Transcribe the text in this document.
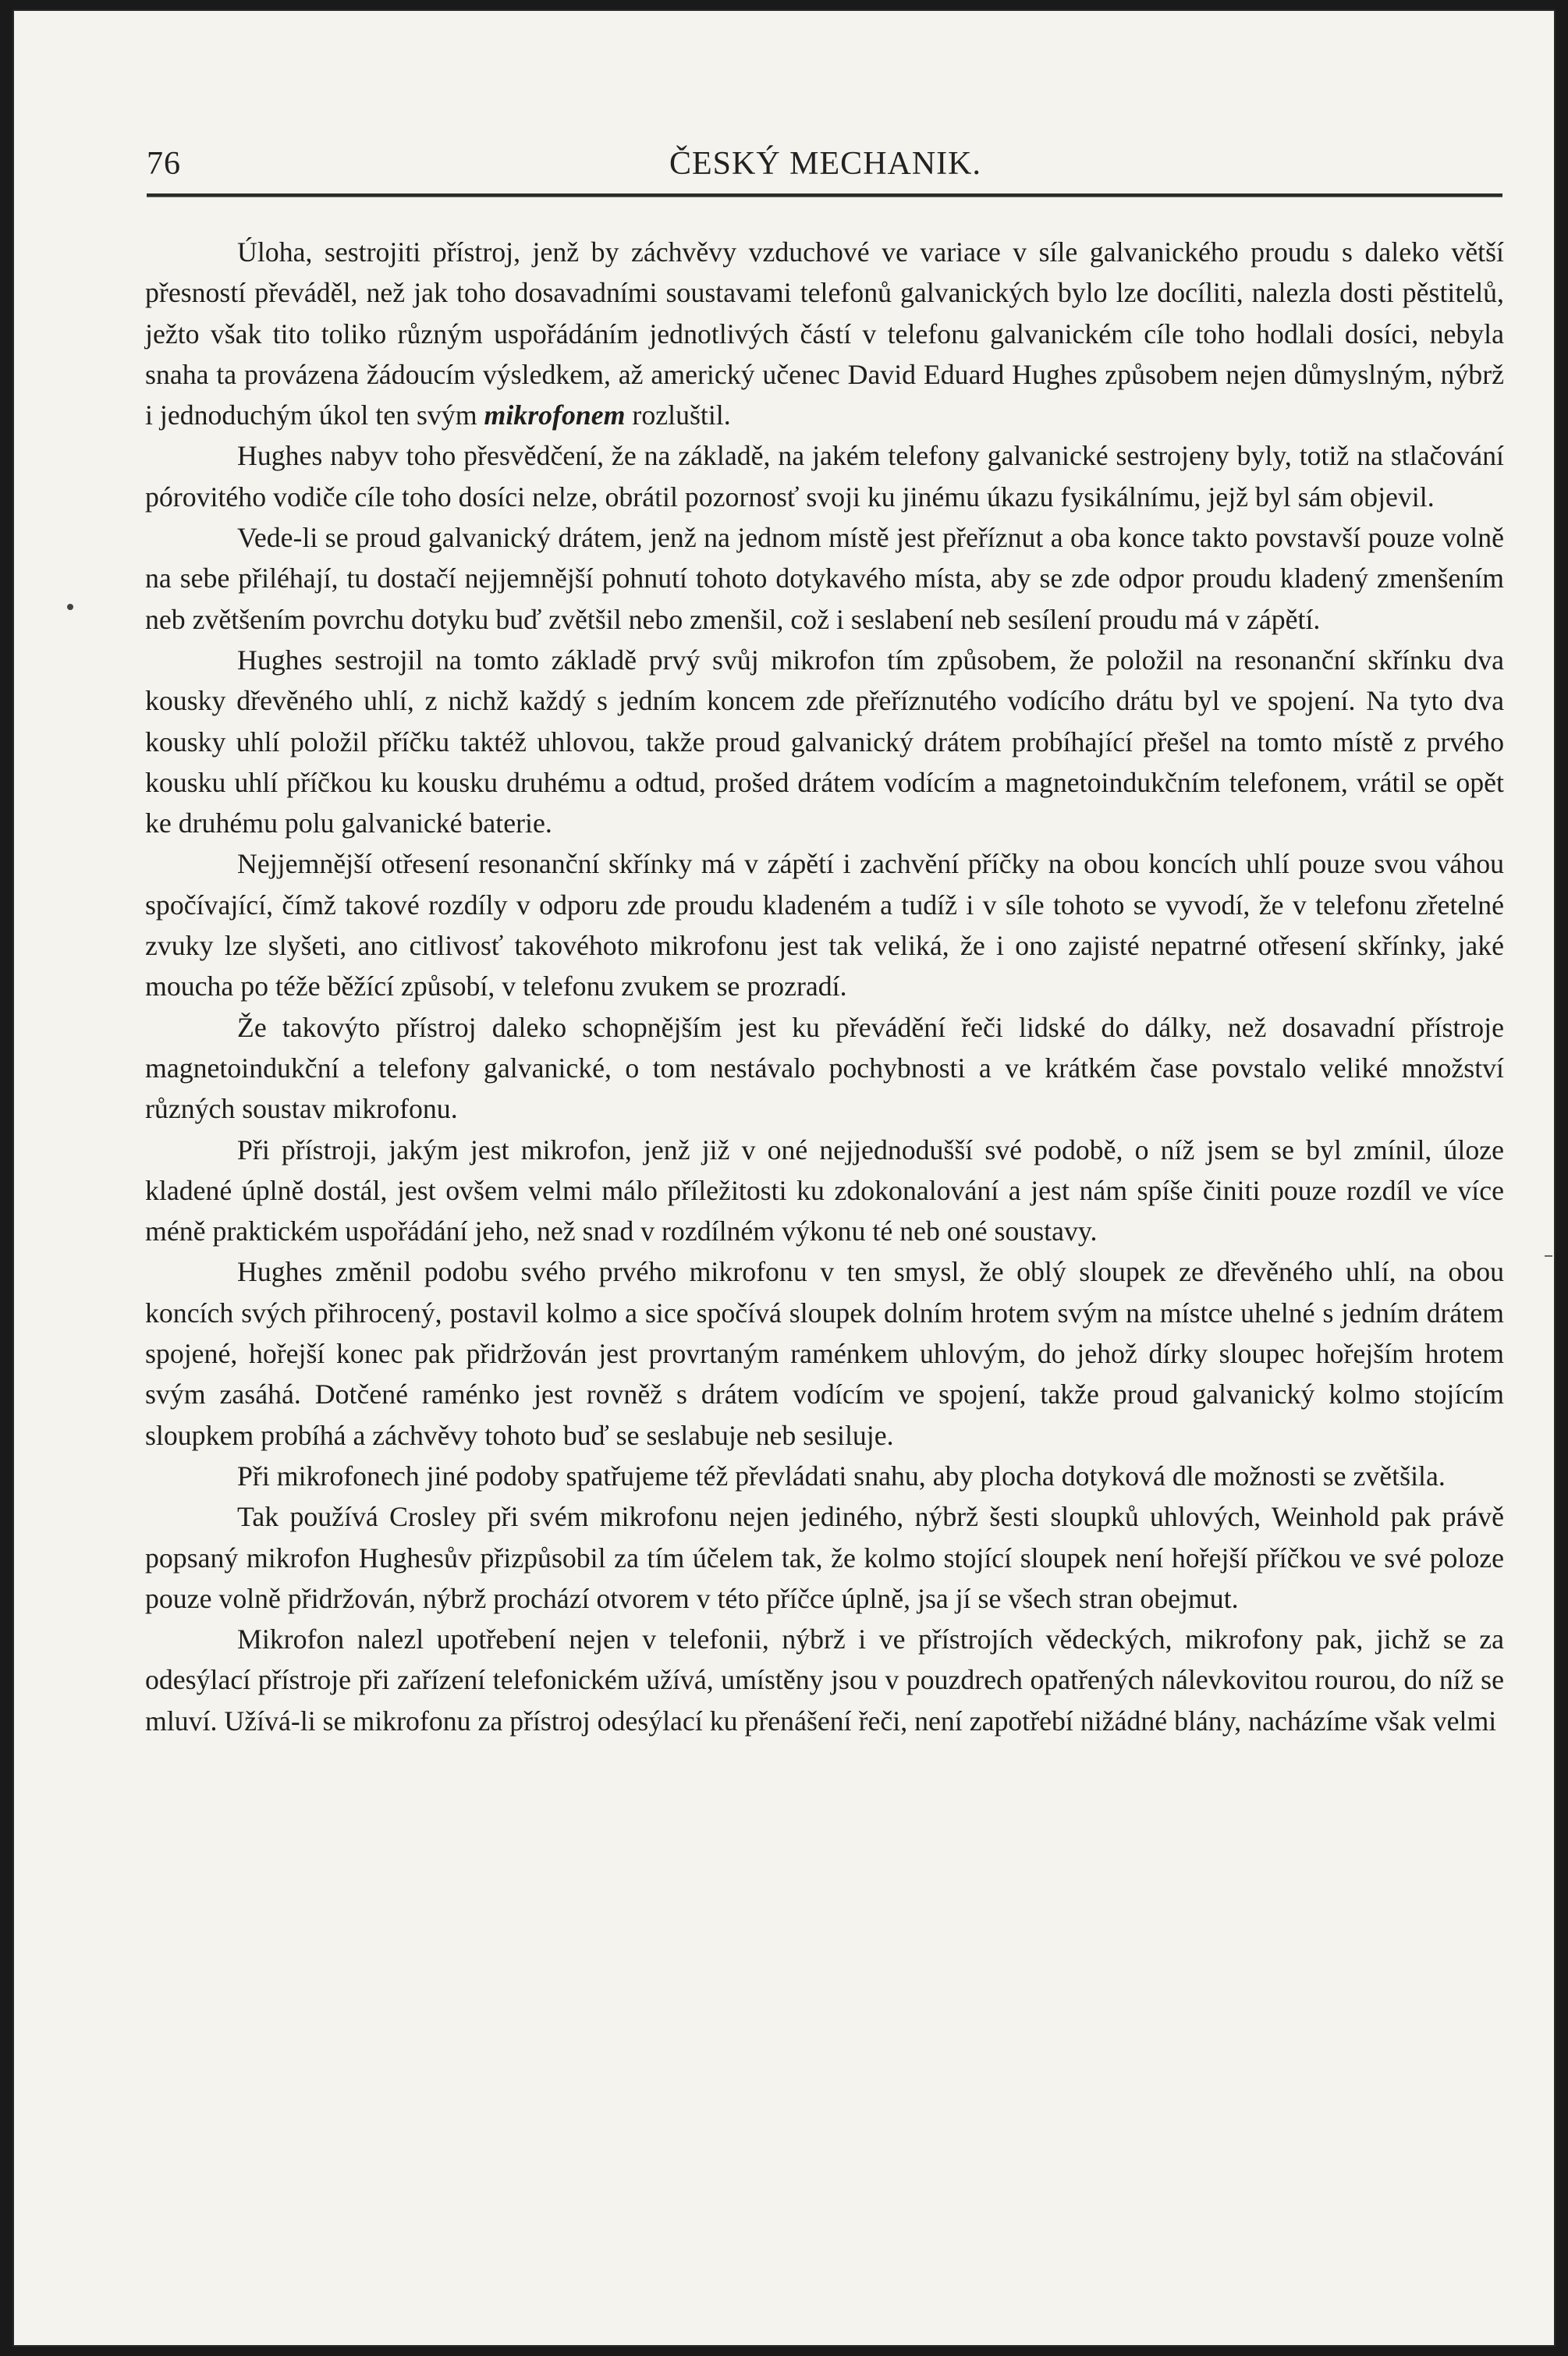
76	ČESKÝ MECHANIK.

Úloha, sestrojiti přístroj, jenž by záchvěvy vzduchové ve variace v síle galvanického proudu s daleko větší přesností převáděl, než jak toho dosavadními soustavami telefonů galvanických bylo lze docíliti, nalezla dosti pěstitelů, ježto však tito toliko různým uspořádáním jednotlivých částí v telefonu galvanickém cíle toho hodlali dosíci, nebyla snaha ta provázena žádoucím výsledkem, až americký učenec David Eduard Hughes způsobem nejen důmyslným, nýbrž i jednoduchým úkol ten svým mikrofonem rozluštil.

Hughes nabyv toho přesvědčení, že na základě, na jakém telefony galvanické sestrojeny byly, totiž na stlačování pórovitého vodiče cíle toho dosíci nelze, obrátil pozornosť svoji ku jinému úkazu fysikálnímu, jejž byl sám objevil.

Vede-li se proud galvanický drátem, jenž na jednom místě jest přeříznut a oba konce takto povstavší pouze volně na sebe přiléhají, tu dostačí nejjemnější pohnutí tohoto dotykavého místa, aby se zde odpor proudu kladený zmenšením neb zvětšením povrchu dotyku buď zvětšil nebo zmenšil, což i seslabení neb sesílení proudu má v zápětí.

Hughes sestrojil na tomto základě prvý svůj mikrofon tím způsobem, že položil na resonanční skřínku dva kousky dřevěného uhlí, z nichž každý s jedním koncem zde přeříznutého vodícího drátu byl ve spojení. Na tyto dva kousky uhlí položil příčku taktéž uhlovou, takže proud galvanický drátem probíhající přešel na tomto místě z prvého kousku uhlí příčkou ku kousku druhému a odtud, prošed drátem vodícím a magnetoindukčním telefonem, vrátil se opět ke druhému polu galvanické baterie.

Nejjemnější otřesení resonanční skřínky má v zápětí i zachvění příčky na obou koncích uhlí pouze svou váhou spočívající, čímž takové rozdíly v odporu zde proudu kladeném a tudíž i v síle tohoto se vyvodí, že v telefonu zřetelné zvuky lze slyšeti, ano citlivosť takovéhoto mikrofonu jest tak veliká, že i ono zajisté nepatrné otřesení skřínky, jaké moucha po téže běžící způsobí, v telefonu zvukem se prozradí.

Že takovýto přístroj daleko schopnějším jest ku převádění řeči lidské do dálky, než dosavadní přístroje magnetoindukční a telefony galvanické, o tom nestávalo pochybnosti a ve krátkém čase povstalo veliké množství různých soustav mikrofonu.

Při přístroji, jakým jest mikrofon, jenž již v oné nejjednodušší své podobě, o níž jsem se byl zmínil, úloze kladené úplně dostál, jest ovšem velmi málo příležitosti ku zdokonalování a jest nám spíše činiti pouze rozdíl ve více méně praktickém uspořádání jeho, než snad v rozdílném výkonu té neb oné soustavy.

Hughes změnil podobu svého prvého mikrofonu v ten smysl, že oblý sloupek ze dřevěného uhlí, na obou koncích svých přihrocený, postavil kolmo a sice spočívá sloupek dolním hrotem svým na místce uhelné s jedním drátem spojené, hořejší konec pak přidržován jest provrtaným raménkem uhlovým, do jehož dírky sloupec hořejším hrotem svým zasáhá. Dotčené raménko jest rovněž s drátem vodícím ve spojení, takže proud galvanický kolmo stojícím sloupkem probíhá a záchvěvy tohoto buď se seslabuje neb sesiluje.

Při mikrofonech jiné podoby spatřujeme též převládati snahu, aby plocha dotyková dle možnosti se zvětšila.

Tak používá Crosley při svém mikrofonu nejen jediného, nýbrž šesti sloupků uhlových, Weinhold pak právě popsaný mikrofon Hughesův přizpůsobil za tím účelem tak, že kolmo stojící sloupek není hořejší příčkou ve své poloze pouze volně přidržován, nýbrž prochází otvorem v této příčce úplně, jsa jí se všech stran obejmut.

Mikrofon nalezl upotřebení nejen v telefonii, nýbrž i ve přístrojích vědeckých, mikrofony pak, jichž se za odesýlací přístroje při zařízení telefonickém užívá, umístěny jsou v pouzdrech opatřených nálevkovitou rourou, do níž se mluví. Užívá-li se mikrofonu za přístroj odesýlací ku přenášení řeči, není zapotřebí nižádné blány, nacházíme však velmi
